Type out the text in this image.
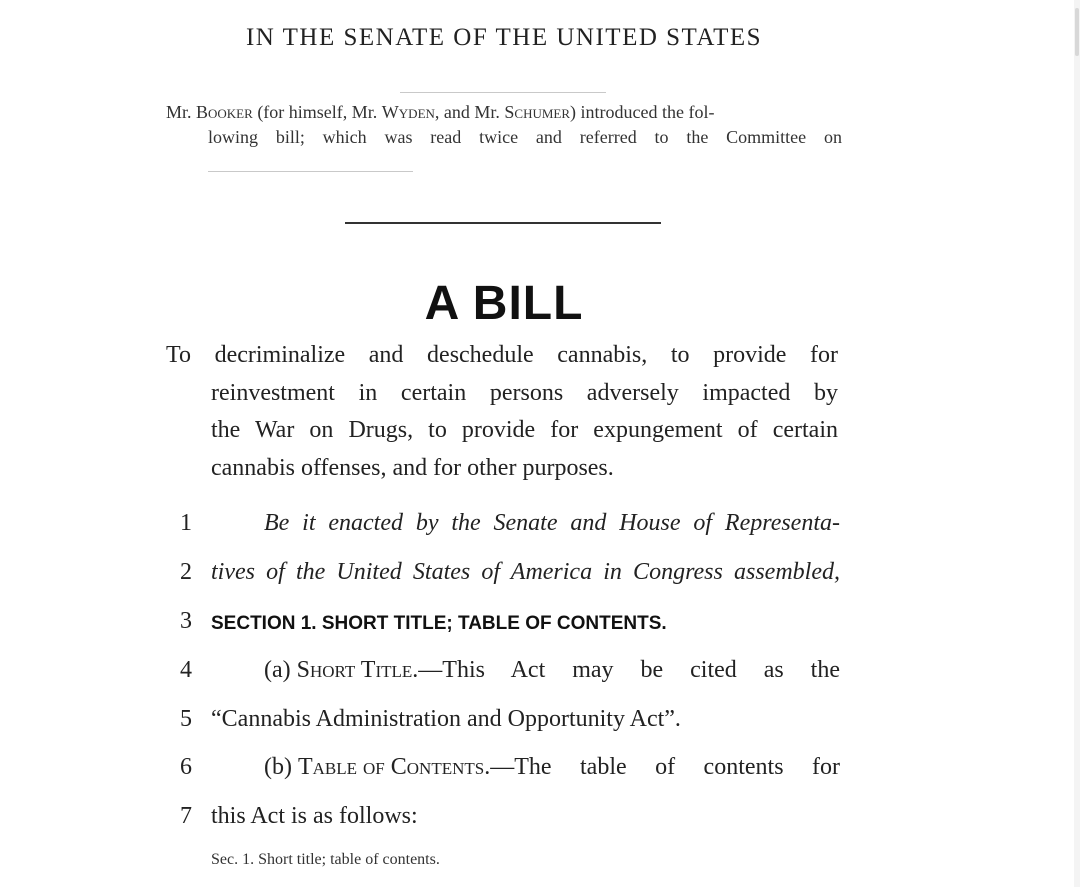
IN THE SENATE OF THE UNITED STATES
Mr. Booker (for himself, Mr. Wyden, and Mr. Schumer) introduced the fol-
lowing bill; which was read twice and referred to the Committee on
A BILL
To decriminalize and deschedule cannabis, to provide for
reinvestment in certain persons adversely impacted by
the War on Drugs, to provide for expungement of certain
cannabis offenses, and for other purposes.
1
2
3
4
5
6
7
Be it enacted by the Senate and House of Representa-
tives of the United States of America in Congress assembled,
SECTION 1. SHORT TITLE; TABLE OF CONTENTS.
(a) Short Title .—This Act may be cited as the
“Cannabis Administration and Opportunity Act”.
(b) Table of Contents .—The table of contents for
this Act is as follows:
Sec. 1. Short title; table of contents.
